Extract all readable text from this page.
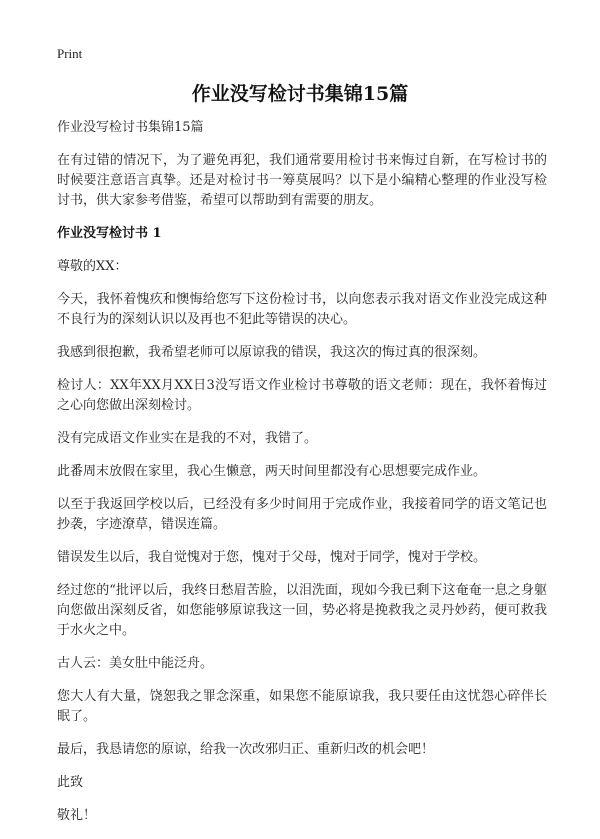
Print
作业没写检讨书集锦15篇

作业没写检讨书集锦15篇

在有过错的情况下，为了避免再犯，我们通常要用检讨书来悔过自新，在写检讨书的时候要注意语言真挚。还是对检讨书一筹莫展吗？以下是小编精心整理的作业没写检讨书，供大家参考借鉴，希望可以帮助到有需要的朋友。

作业没写检讨书 1

尊敬的XX：

今天，我怀着愧疚和懊悔给您写下这份检讨书，以向您表示我对语文作业没完成这种不良行为的深刻认识以及再也不犯此等错误的决心。

我感到很抱歉，我希望老师可以原谅我的错误，我这次的悔过真的很深刻。

检讨人：XX年XX月XX日3没写语文作业检讨书尊敬的语文老师：现在，我怀着悔过之心向您做出深刻检讨。

没有完成语文作业实在是我的不对，我错了。

此番周末放假在家里，我心生懒意，两天时间里都没有心思想要完成作业。

以至于我返回学校以后，已经没有多少时间用于完成作业，我接着同学的语文笔记也抄袭，字迹潦草，错误连篇。

错误发生以后，我自觉愧对于您，愧对于父母，愧对于同学，愧对于学校。

经过您的“批评以后，我终日愁眉苦脸，以泪洗面，现如今我已剩下这奄奄一息之身躯向您做出深刻反省，如您能够原谅我这一回，势必将是挽救我之灵丹妙药，便可救我于水火之中。

古人云：美女肚中能泛舟。

您大人有大量，饶恕我之罪念深重，如果您不能原谅我，我只要任由这忧怨心碎伴长眠了。

最后，我恳请您的原谅，给我一次改邪归正、重新归改的机会吧！

此致

敬礼！
